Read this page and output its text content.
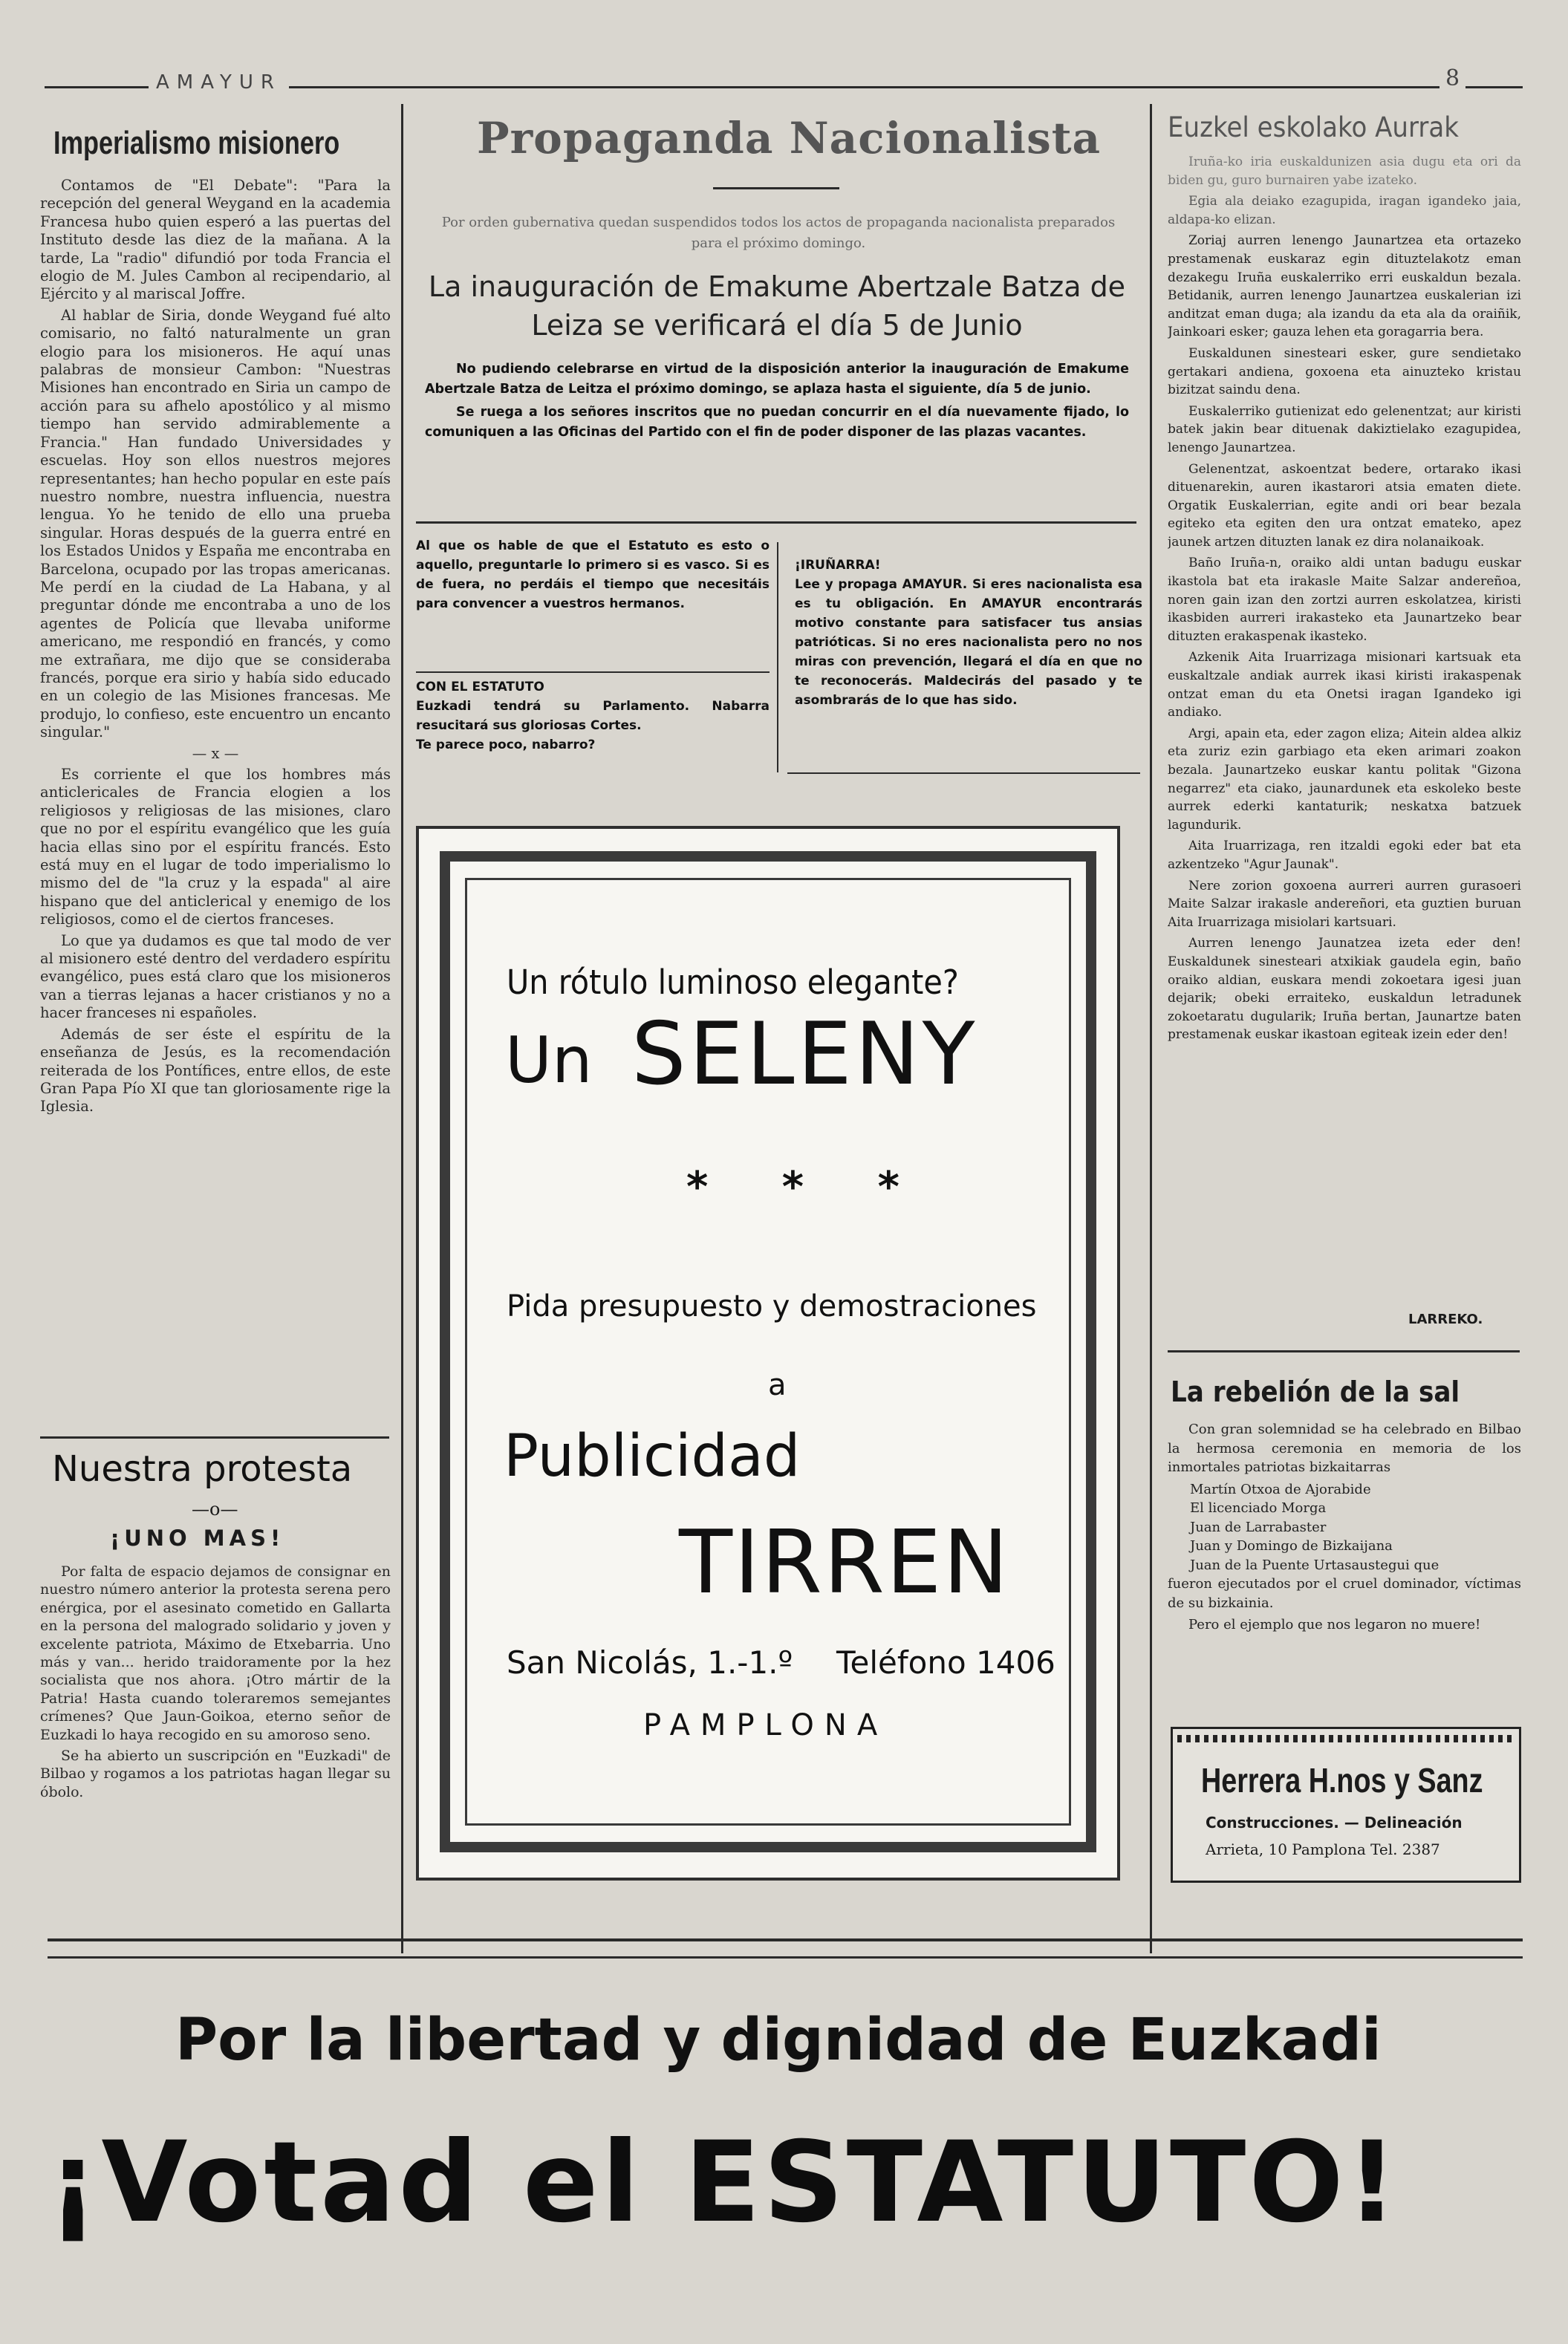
AMAYUR	8
Imperialismo misionero

Contamos de "El Debate": "Para la recepción del general Weygand en la academia Francesa hubo quien esperó a las puertas del Instituto desde las diez de la mañana. A la tarde, La "radio" difundió por toda Francia el elogio de M. Jules Cambon al recipendario, al Ejército y al mariscal Joffre.

Al hablar de Siria, donde Weygand fué alto comisario, no faltó naturalmente un gran elogio para los misioneros. He aquí unas palabras de monsieur Cambon: "Nuestras Misiones han encontrado en Siria un campo de acción para su afhelo apostólico y al mismo tiempo han servido admirablemente a Francia." Han fundado Universidades y escuelas. Hoy son ellos nuestros mejores representantes; han hecho popular en este país nuestro nombre, nuestra influencia, nuestra lengua. Yo he tenido de ello una prueba singular. Horas después de la guerra entré en los Estados Unidos y España me encontraba en Barcelona, ocupado por las tropas americanas. Me perdí en la ciudad de La Habana, y al preguntar dónde me encontraba a uno de los agentes de Policía que llevaba uniforme americano, me respondió en francés, y como me extrañara, me dijo que se consideraba francés, porque era sirio y había sido educado en un colegio de las Misiones francesas. Me produjo, lo confieso, este encuentro un encanto singular."

— x —

Es corriente el que los hombres más anticlericales de Francia elogien a los religiosos y religiosas de las misiones, claro que no por el espíritu evangélico que les guía hacia ellas sino por el espíritu francés. Esto está muy en el lugar de todo imperialismo lo mismo del de "la cruz y la espada" al aire hispano que del anticlerical y enemigo de los religiosos, como el de ciertos franceses.

Lo que ya dudamos es que tal modo de ver al misionero esté dentro del verdadero espíritu evangélico, pues está claro que los misioneros van a tierras lejanas a hacer cristianos y no a hacer franceses ni españoles.

Además de ser éste el espíritu de la enseñanza de Jesús, es la recomendación reiterada de los Pontífices, entre ellos, de este Gran Papa Pío XI que tan gloriosamente rige la Iglesia.

Nuestra protesta
—o—
¡UNO MAS!

Por falta de espacio dejamos de consignar en nuestro número anterior la protesta serena pero enérgica, por el asesinato cometido en Gallarta en la persona del malogrado solidario y joven y excelente patriota, Máximo de Etxebarria. Uno más y van... herido traidoramente por la hez socialista que nos ahora. ¡Otro mártir de la Patria! Hasta cuando toleraremos semejantes crímenes? Que Jaun-Goikoa, eterno señor de Euzkadi lo haya recogido en su amoroso seno.

Se ha abierto un suscripción en "Euzkadi" de Bilbao y rogamos a los patriotas hagan llegar su óbolo.

Propaganda Nacionalista
Por orden gubernativa quedan suspendidos todos los actos de propaganda nacionalista preparados para el próximo domingo.
La inauguración de Emakume Abertzale Batza de Leiza se verificará el día 5 de Junio

No pudiendo celebrarse en virtud de la disposición anterior la inauguración de Emakume Abertzale Batza de Leitza el próximo domingo, se aplaza hasta el siguiente, día 5 de junio.

Se ruega a los señores inscritos que no puedan concurrir en el día nuevamente fijado, lo comuniquen a las Oficinas del Partido con el fin de poder disponer de las plazas vacantes.

Al que os hable de que el Estatuto es esto o aquello, preguntarle lo primero si es vasco. Si es de fuera, no perdáis el tiempo que necesitáis para convencer a vuestros hermanos.

CON EL ESTATUTO
Euzkadi tendrá su Parlamento. Nabarra resucitará sus gloriosas Cortes.
Te parece poco, nabarro?
¡IRUÑARRA!
Lee y propaga AMAYUR. Si eres nacionalista esa es tu obligación. En AMAYUR encontrarás motivo constante para satisfacer tus ansias patrióticas. Si no eres nacionalista pero no nos miras con prevención, llegará el día en que no te reconocerás. Maldecirás del pasado y te asombrarás de lo que has sido.
Un rótulo luminoso elegante?
Un SELENY
* * *
Pida presupuesto y demostraciones
a
Publicidad
TIRREN
San Nicolás, 1.-1.º Teléfono 1406
PAMPLONA
Euzkel eskolako Aurrak

Iruña-ko iria euskaldunizen asia dugu eta ori da biden gu, guro burnairen yabe izateko.

Egia ala deiako ezagupida, iragan igandeko jaia, aldapa-ko elizan.

Zoriaj aurren lenengo Jaunartzea eta ortazeko prestamenak euskaraz egin dituztelakotz eman dezakegu Iruña euskalerriko erri euskaldun bezala. Betidanik, aurren lenengo Jaunartzea euskalerian izi anditzat eman duga; ala izandu da eta ala da oraiñik, Jainkoari esker; gauza lehen eta goragarria bera.

Euskaldunen sinesteari esker, gure sendietako gertakari andiena, goxoena eta ainuzteko kristau bizitzat saindu dena.

Euskalerriko gutienizat edo gelenentzat; aur kiristi batek jakin bear dituenak dakiztielako ezagupidea, lenengo Jaunartzea.

Gelenentzat, askoentzat bedere, ortarako ikasi dituenarekin, auren ikastarori atsia ematen diete. Orgatik Euskalerrian, egite andi ori bear bezala egiteko eta egiten den ura ontzat emateko, apez jaunek artzen dituzten lanak ez dira nolanaikoak.

Baño Iruña-n, oraiko aldi untan badugu euskar ikastola bat eta irakasle Maite Salzar andereñoa, noren gain izan den zortzi aurren eskolatzea, kiristi ikasbiden aurreri irakasteko eta Jaunartzeko bear dituzten erakaspenak ikasteko.

Azkenik Aita Iruarrizaga misionari kartsuak eta euskaltzale andiak aurrek ikasi kiristi irakaspenak ontzat eman du eta Onetsi iragan Igandeko igi andiako.

Argi, apain eta, eder zagon eliza; Aitein aldea alkiz eta zuriz ezin garbiago eta eken arimari zoakon bezala. Jaunartzeko euskar kantu politak "Gizona negarrez" eta ciako, jaunardunek eta eskoleko beste aurrek ederki kantaturik; neskatxa batzuek lagundurik.

Aita Iruarrizaga, ren itzaldi egoki eder bat eta azkentzeko "Agur Jaunak".

Nere zorion goxoena aurreri aurren gurasoeri Maite Salzar irakasle andereñori, eta guztien buruan Aita Iruarrizaga misiolari kartsuari.

Aurren lenengo Jaunatzea izeta eder den! Euskaldunek sinesteari atxikiak gaudela egin, baño oraiko aldian, euskara mendi zokoetara igesi juan dejarik; obeki erraiteko, euskaldun letradunek zokoetaratu dugularik; Iruña bertan, Jaunartze baten prestamenak euskar ikastoan egiteak izein eder den!

LARREKO.
La rebelión de la sal

Con gran solemnidad se ha celebrado en Bilbao la hermosa ceremonia en memoria de los inmortales patriotas bizkaitarras

Martín Otxoa de Ajorabide
El licenciado Morga
Juan de Larrabaster
Juan y Domingo de Bizkaijana
Juan de la Puente Urtasaustegui que

fueron ejecutados por el cruel dominador, víctimas de su bizkainia.

Pero el ejemplo que nos legaron no muere!

Herrera H.nos y Sanz
Construcciones. — Delineación
Arrieta, 10 Pamplona Tel. 2387
Por la libertad y dignidad de Euzkadi
¡Votad el ESTATUTO!
